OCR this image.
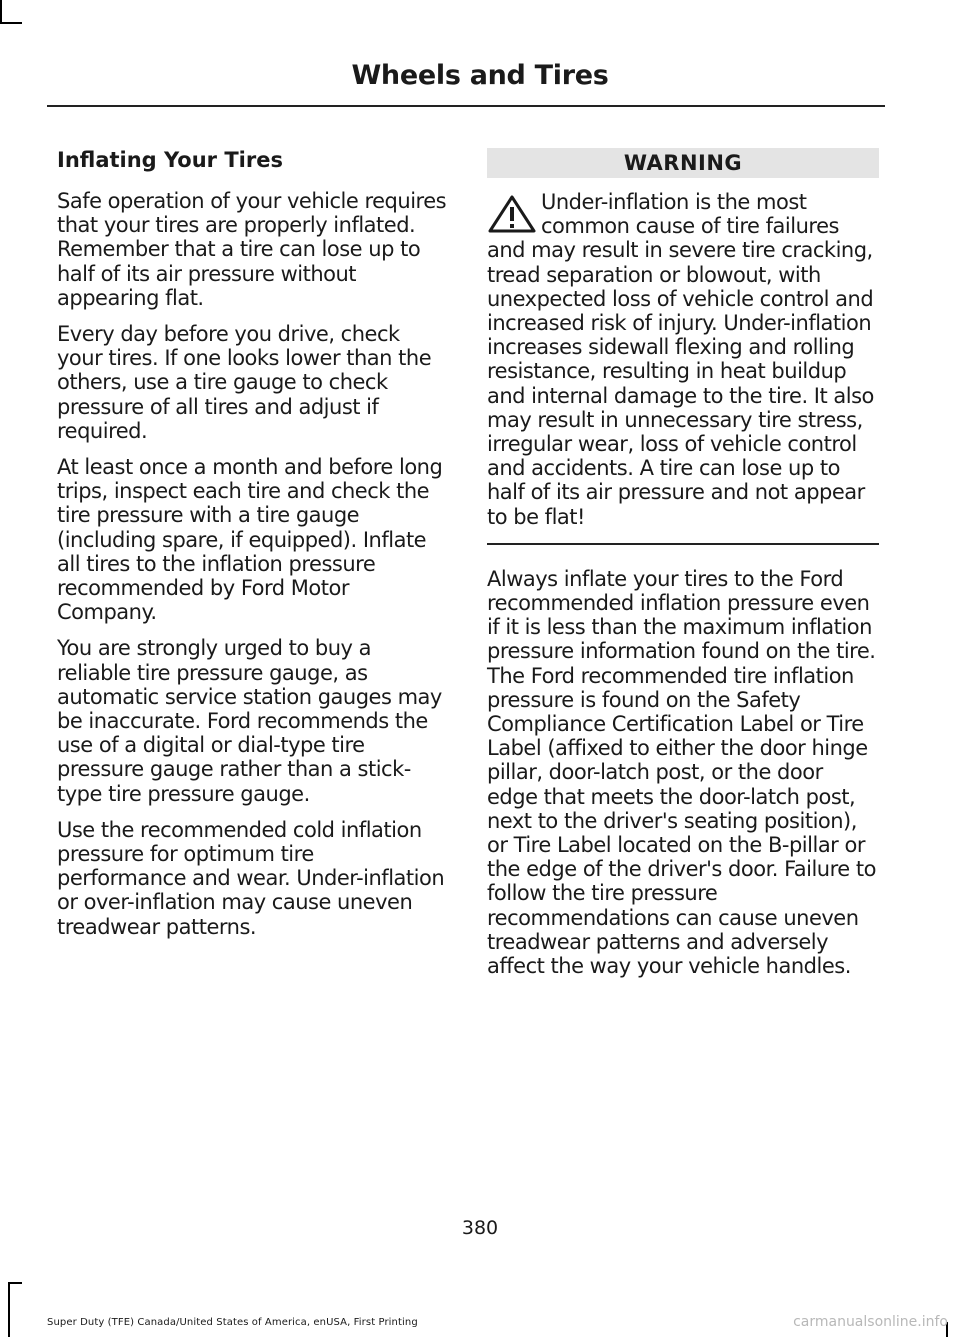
Wheels and Tires
Inflating Your Tires

Safe operation of your vehicle requires that your tires are properly inflated. Remember that a tire can lose up to half of its air pressure without appearing flat.

Every day before you drive, check your tires. If one looks lower than the others, use a tire gauge to check pressure of all tires and adjust if required.

At least once a month and before long trips, inspect each tire and check the tire pressure with a tire gauge (including spare, if equipped). Inflate all tires to the inflation pressure recommended by Ford Motor Company.

You are strongly urged to buy a reliable tire pressure gauge, as automatic service station gauges may be inaccurate. Ford recommends the use of a digital or dial-type tire pressure gauge rather than a stick-type tire pressure gauge.

Use the recommended cold inflation pressure for optimum tire performance and wear. Under-inflation or over-inflation may cause uneven treadwear patterns.

WARNING

Under-inflation is the most common cause of tire failures and may result in severe tire cracking, tread separation or blowout, with unexpected loss of vehicle control and increased risk of injury. Under-inflation increases sidewall flexing and rolling resistance, resulting in heat buildup and internal damage to the tire. It also may result in unnecessary tire stress, irregular wear, loss of vehicle control and accidents. A tire can lose up to half of its air pressure and not appear to be flat!

Always inflate your tires to the Ford recommended inflation pressure even if it is less than the maximum inflation pressure information found on the tire. The Ford recommended tire inflation pressure is found on the Safety Compliance Certification Label or Tire Label (affixed to either the door hinge pillar, door-latch post, or the door edge that meets the door-latch post, next to the driver's seating position), or Tire Label located on the B-pillar or the edge of the driver's door. Failure to follow the tire pressure recommendations can cause uneven treadwear patterns and adversely affect the way your vehicle handles.

380
Super Duty (TFE) Canada/United States of America, enUSA, First Printing	carmanualsonline.info
